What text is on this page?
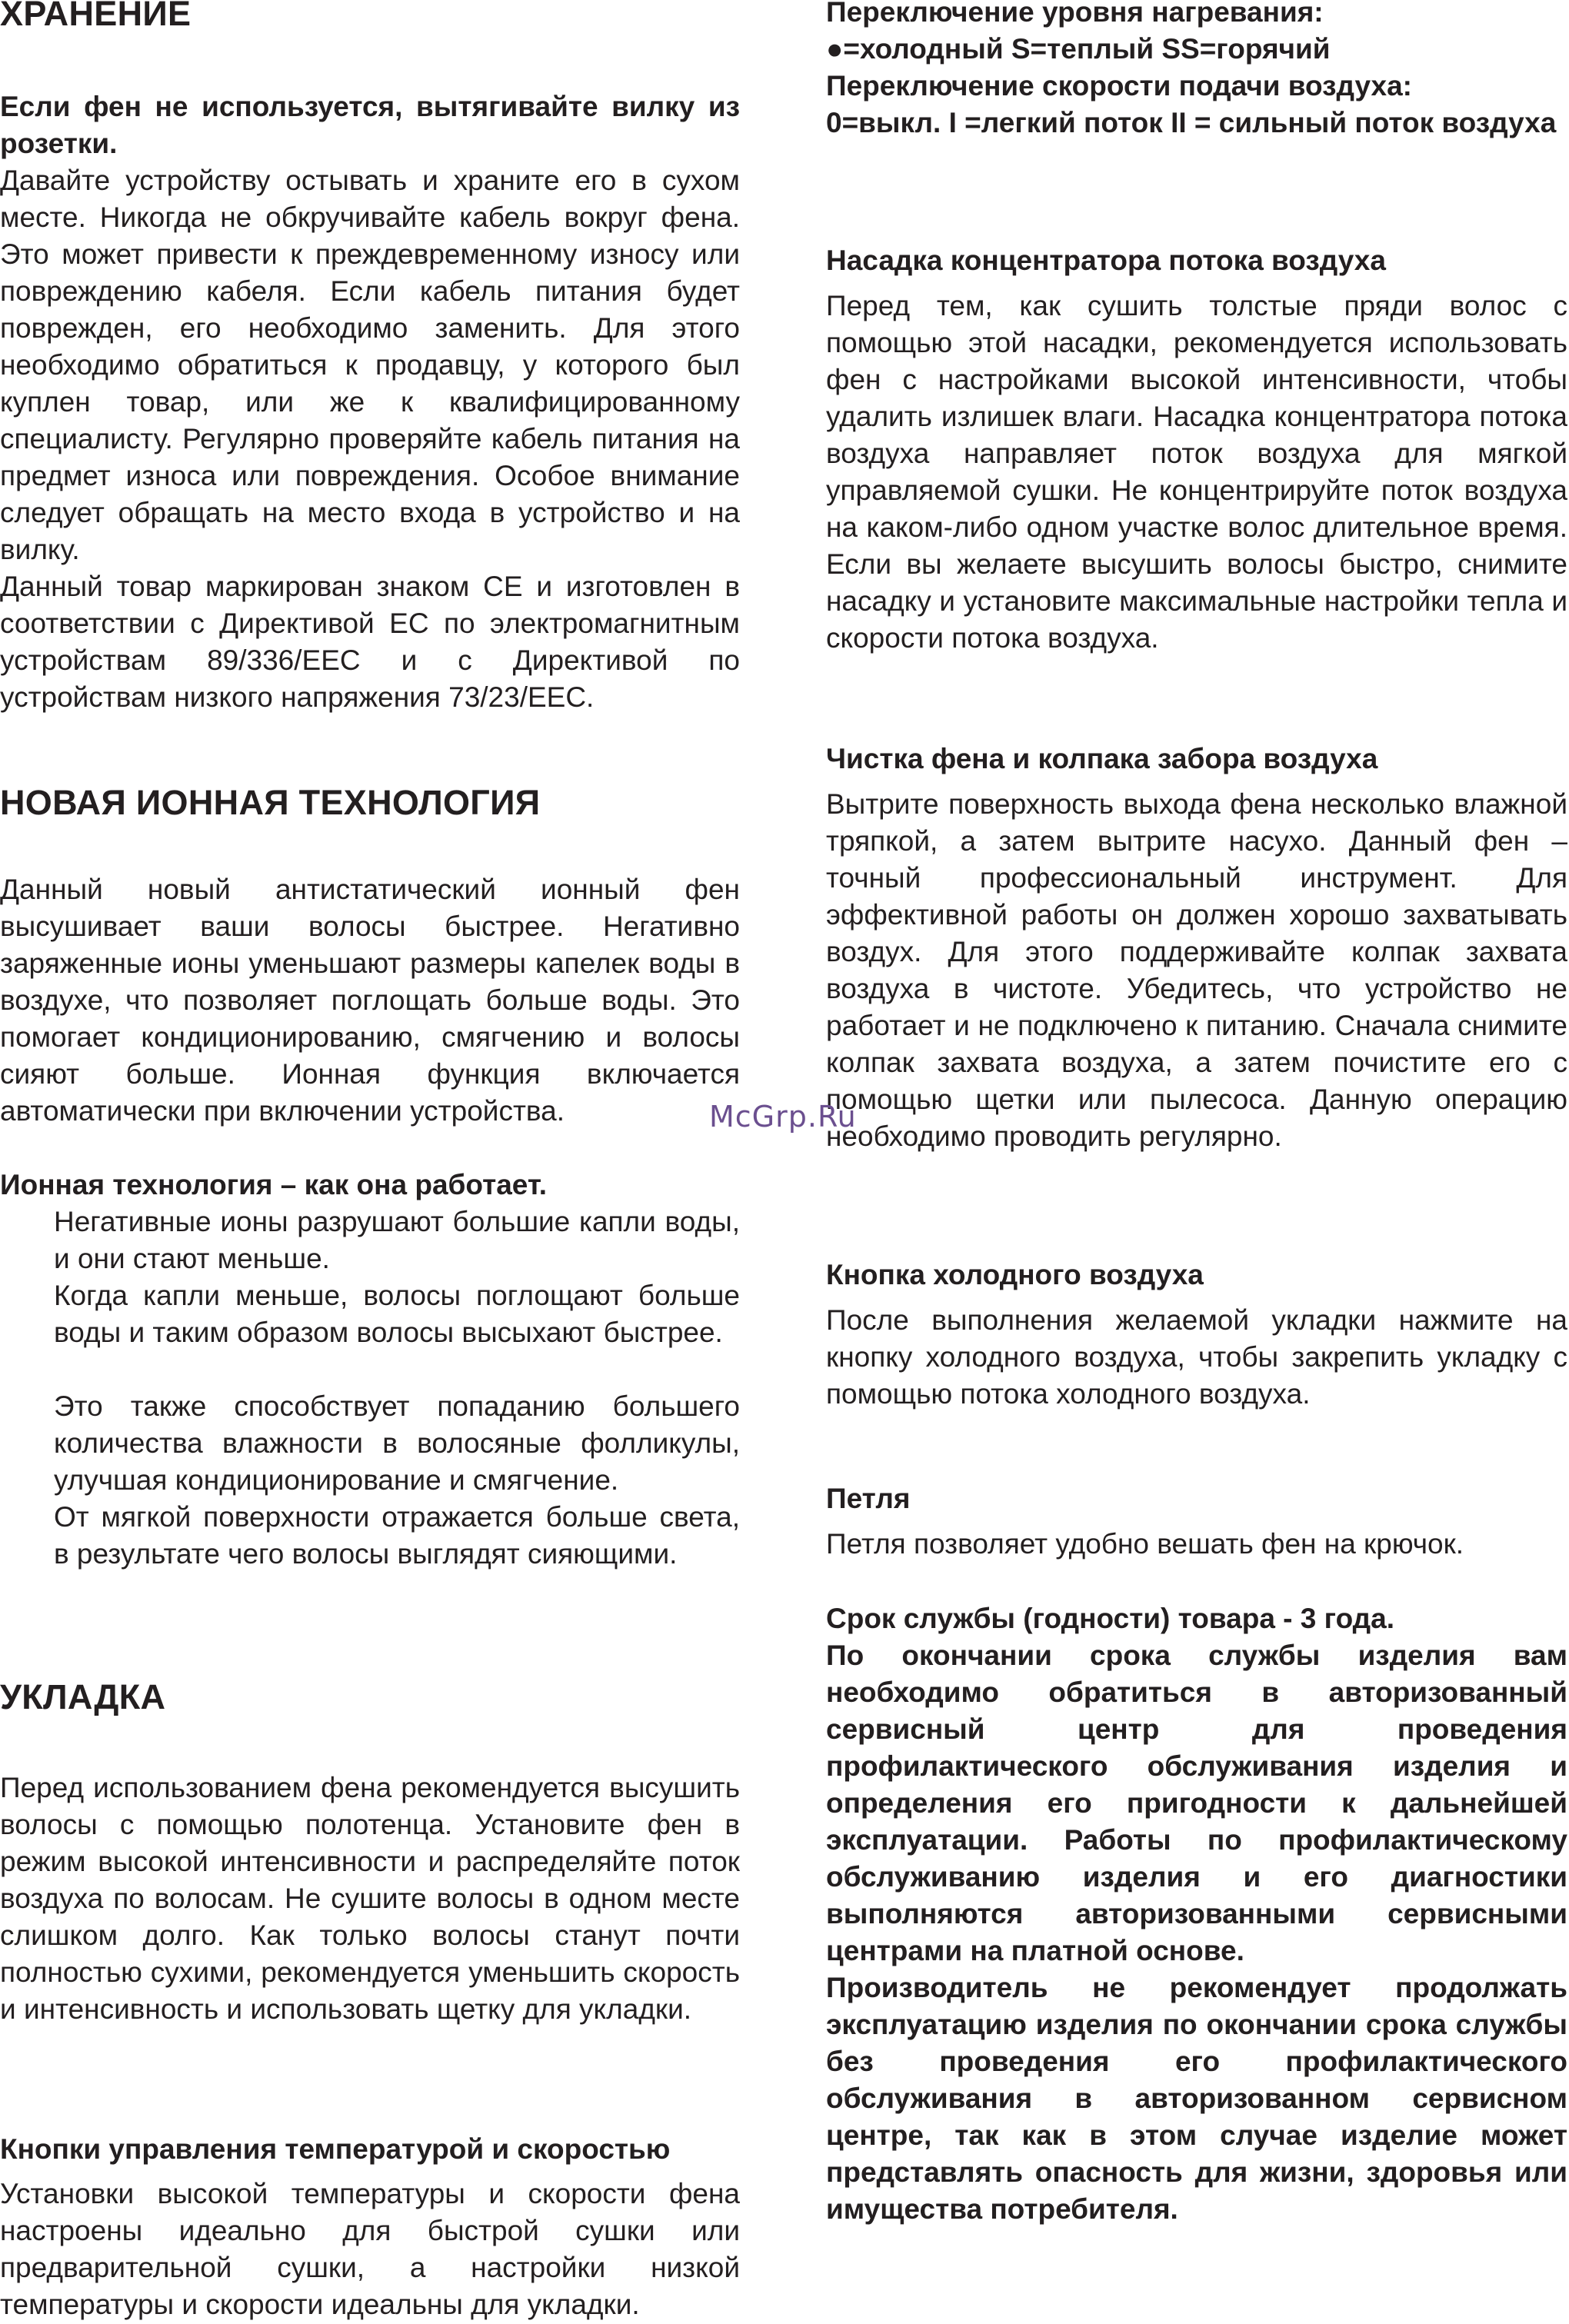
ХРАНЕНИЕ
Если фен не используется, вытягивайте вилку из розетки.
Давайте устройству остывать и храните его в сухом месте. Никогда не обкручивайте кабель вокруг фена. Это может привести к преждевременному износу или повреждению кабеля. Если кабель питания будет поврежден, его необходимо заменить. Для этого необходимо обратиться к продавцу, у которого был куплен товар, или же к квалифицированному специалисту. Регулярно проверяйте кабель питания на предмет износа или повреждения. Особое внимание следует обращать на место входа в устройство и на вилку.
Данный товар маркирован знаком CE и изготовлен в соответствии с Директивой EC по электромагнитным устройствам 89/336/EEC и с Директивой по устройствам низкого напряжения 73/23/EEC.
НОВАЯ ИОННАЯ ТЕХНОЛОГИЯ
Данный новый антистатический ионный фен высушивает ваши волосы быстрее. Негативно заряженные ионы уменьшают размеры капелек воды в воздухе, что позволяет поглощать больше воды. Это помогает кондиционированию, смягчению и волосы сияют больше. Ионная функция включается автоматически при включении устройства.
Ионная технология – как она работает.
Негативные ионы разрушают большие капли воды, и они стают меньше.
Когда капли меньше, волосы поглощают больше воды и таким образом волосы высыхают быстрее.
Это также способствует попаданию большего количества влажности в волосяные фолликулы, улучшая кондиционирование и смягчение.
От мягкой поверхности отражается больше света, в результате чего волосы выглядят сияющими.
УКЛАДКА
Перед использованием фена рекомендуется высушить волосы с помощью полотенца. Установите фен в режим высокой интенсивности и распределяйте поток воздуха по волосам. Не сушите волосы в одном месте слишком долго. Как только волосы станут почти полностью сухими, рекомендуется уменьшить скорость и интенсивность и использовать щетку для укладки.
Кнопки управления температурой и скоростью
Установки высокой температуры и скорости фена настроены идеально для быстрой сушки или предварительной сушки, а настройки низкой температуры и скорости идеальны для укладки.
Переключение уровня нагревания:
●=холодный S=теплый SS=горячий
Переключение скорости подачи воздуха:
0=выкл. I =легкий поток II = сильный поток воздуха
Насадка концентратора потока воздуха
Перед тем, как сушить толстые пряди волос с помощью этой насадки, рекомендуется использовать фен с настройками высокой интенсивности, чтобы удалить излишек влаги. Насадка концентратора потока воздуха направляет поток воздуха для мягкой управляемой сушки. Не концентрируйте поток воздуха на каком-либо одном участке волос длительное время. Если вы желаете высушить волосы быстро, снимите насадку и установите максимальные настройки тепла и скорости потока воздуха.
Чистка фена и колпака забора воздуха
Вытрите поверхность выхода фена несколько влажной тряпкой, а затем вытрите насухо. Данный фен – точный профессиональный инструмент. Для эффективной работы он должен хорошо захватывать воздух. Для этого поддерживайте колпак захвата воздуха в чистоте. Убедитесь, что устройство не работает и не подключено к питанию. Сначала снимите колпак захвата воздуха, а затем почистите его с помощью щетки или пылесоса. Данную операцию необходимо проводить регулярно.
Кнопка холодного воздуха
После выполнения желаемой укладки нажмите на кнопку холодного воздуха, чтобы закрепить укладку с помощью потока холодного воздуха.
Петля
Петля позволяет удобно вешать фен на крючок.
Срок службы (годности) товара - 3 года.
По окончании срока службы изделия вам необходимо обратиться в авторизованный сервисный центр для проведения профилактического обслуживания изделия и определения его пригодности к дальнейшей эксплуатации. Работы по профилактическому обслуживанию изделия и его диагностики выполняются авторизованными сервисными центрами на платной основе.
Производитель не рекомендует продолжать эксплуатацию изделия по окончании срока службы без проведения его профилактического обслуживания в авторизованном сервисном центре, так как в этом случае изделие может представлять опасность для жизни, здоровья или имущества потребителя.
McGrp.Ru
